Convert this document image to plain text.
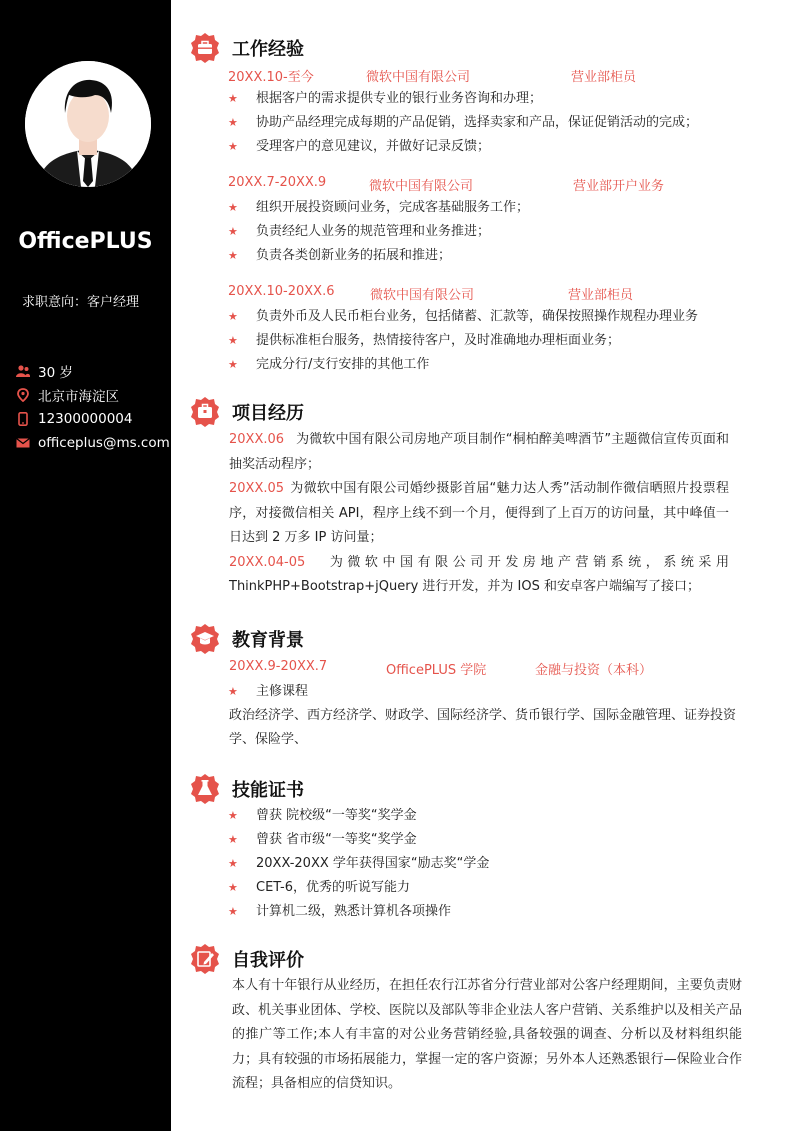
OfficePLUS
求职意向：客户经理
30 岁
北京市海淀区
12300000004
officeplus@ms.com
工作经验
20XX.10-至今	微软中国有限公司	营业部柜员
★ 根据客户的需求提供专业的银行业务咨询和办理；
★ 协助产品经理完成每期的产品促销，选择卖家和产品，保证促销活动的完成；
★ 受理客户的意见建议，并做好记录反馈；
20XX.7-20XX.9	微软中国有限公司	营业部开户业务
★ 组织开展投资顾问业务，完成客基础服务工作；
★ 负责经纪人业务的规范管理和业务推进；
★ 负责各类创新业务的拓展和推进；
20XX.10-20XX.6	微软中国有限公司	营业部柜员
★ 负责外币及人民币柜台业务，包括储蓄、汇款等，确保按照操作规程办理业务
★ 提供标准柜台服务，热情接待客户，及时准确地办理柜面业务；
★ 完成分行/支行安排的其他工作
项目经历
20XX.06 为微软中国有限公司房地产项目制作“桐柏醉美啤酒节”主题微信宣传页面和抽奖活动程序；
20XX.05 为微软中国有限公司婚纱摄影首届“魅力达人秀”活动制作微信晒照片投票程序，对接微信相关 API，程序上线不到一个月，便得到了上百万的访问量，其中峰值一日达到 2 万多 IP 访问量；
20XX.04-05 为微软中国有限公司开发房地产营销系统，系统采用 ThinkPHP+Bootstrap+jQuery 进行开发，并为 IOS 和安卓客户端编写了接口；
教育背景
20XX.9-20XX.7	OfficePLUS 学院	金融与投资（本科）
★ 主修课程
政治经济学、西方经济学、财政学、国际经济学、货币银行学、国际金融管理、证券投资学、保险学、
技能证书
★ 曾获 院校级“一等奖“奖学金
★ 曾获 省市级“一等奖“奖学金
★ 20XX-20XX 学年获得国家“励志奖“学金
★ CET-6，优秀的听说写能力
★ 计算机二级，熟悉计算机各项操作
自我评价
本人有十年银行从业经历，在担任农行江苏省分行营业部对公客户经理期间，主要负责财政、机关事业团体、学校、医院以及部队等非企业法人客户营销、关系维护以及相关产品的推广等工作;本人有丰富的对公业务营销经验,具备较强的调查、分析以及材料组织能力；具有较强的市场拓展能力，掌握一定的客户资源；另外本人还熟悉银行—保险业合作流程；具备相应的信贷知识。
